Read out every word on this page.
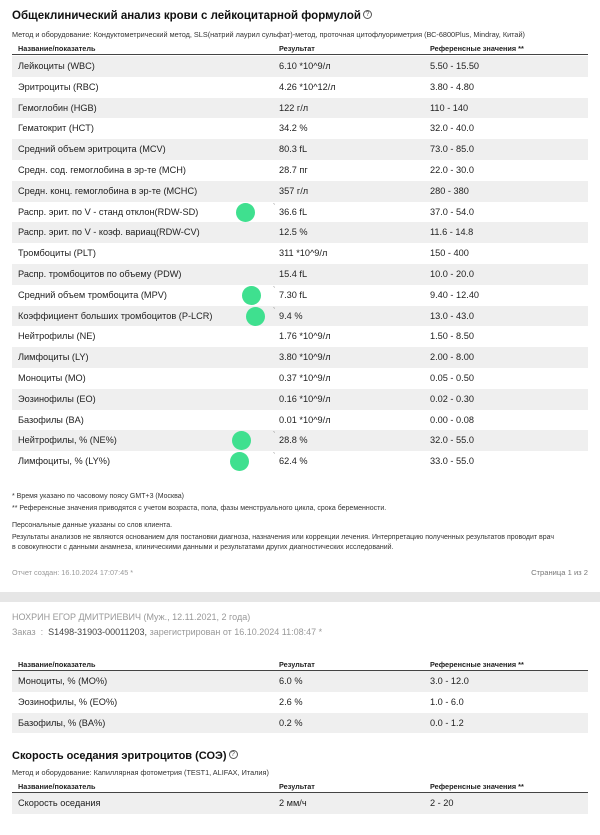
Общеклинический анализ крови с лейкоцитарной формулой ?
Метод и оборудование: Кондуктометрический метод, SLS(натрий лаурил сульфат)-метод, проточная цитофлуориметрия (ВС-6800Plus, Mindray, Китай)
Название/показатель	Результат	Референсные значения **
Лейкоциты (WBC)	6.10 *10^9/л	5.50 - 15.50
Эритроциты (RBC)	4.26 *10^12/л	3.80 - 4.80
Гемоглобин (HGB)	122 г/л	110 - 140
Гематокрит (HCT)	34.2 %	32.0 - 40.0
Средний объем эритроцита (MCV)	80.3 fL	73.0 - 85.0
Средн. сод. гемоглобина в эр-те (MCH)	28.7 пг	22.0 - 30.0
Средн. конц. гемоглобина в эр-те (MCHC)	357 г/л	280 - 380
Распр. эрит. по V - станд отклон(RDW-SD)	36.6 fL	37.0 - 54.0
`
Распр. эрит. по V - коэф. вариац(RDW-CV)	12.5 %	11.6 - 14.8
Тромбоциты (PLT)	311 *10^9/л	150 - 400
Распр. тромбоцитов по объему (PDW)	15.4 fL	10.0 - 20.0
Средний объем тромбоцита (MPV)	7.30 fL	9.40 - 12.40
`
Коэффициент больших тромбоцитов (P-LCR)	9.4 %	13.0 - 43.0
`
Нейтрофилы (NE)	1.76 *10^9/л	1.50 - 8.50
Лимфоциты (LY)	3.80 *10^9/л	2.00 - 8.00
Моноциты (MO)	0.37 *10^9/л	0.05 - 0.50
Эозинофилы (EO)	0.16 *10^9/л	0.02 - 0.30
Базофилы (BA)	0.01 *10^9/л	0.00 - 0.08
Нейтрофилы, % (NE%)	28.8 %	32.0 - 55.0
`
Лимфоциты, % (LY%)	62.4 %	33.0 - 55.0
`
* Время указано по часовому поясу GMT+3 (Москва)
** Референсные значения приводятся с учетом возраста, пола, фазы менструального цикла, срока беременности.
Персональные данные указаны со слов клиента.
Результаты анализов не являются основанием для постановки диагноза, назначения или коррекции лечения. Интерпретацию полученных результатов проводит врач
в совокупности с данными анамнеза, клиническими данными и результатами других диагностических исследований.
Отчет создан: 16.10.2024 17:07:45 *	Страница 1 из 2
НОХРИН ЕГОР ДМИТРИЕВИЧ (Муж., 12.11.2021, 2 года)
Заказ  :  S1498-31903-00011203, зарегистрирован от 16.10.2024 11:08:47 *
Название/показатель	Результат	Референсные значения **
Моноциты, % (MO%)	6.0 %	3.0 - 12.0
Эозинофилы, % (EO%)	2.6 %	1.0 - 6.0
Базофилы, % (BA%)	0.2 %	0.0 - 1.2
Скорость оседания эритроцитов (СОЭ) ?
Метод и оборудование: Капиллярная фотометрия (TEST1, ALIFAX, Италия)
Название/показатель	Результат	Референсные значения **
Скорость оседания	2 мм/ч	2 - 20
